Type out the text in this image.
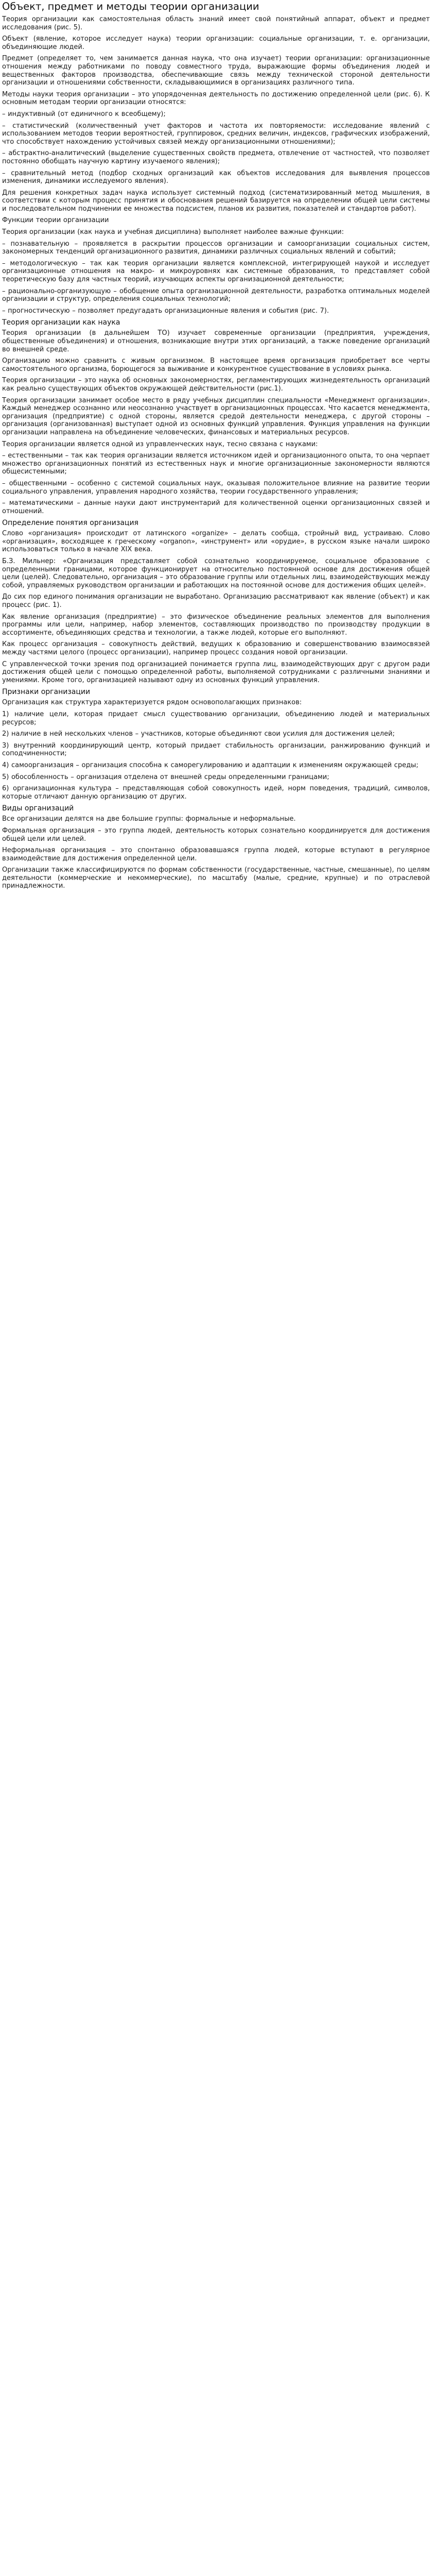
Объект, предмет и методы теории организации

Теория организации как самостоятельная область знаний имеет свой понятийный аппарат, объект и предмет исследования (рис. 5).

Объект (явление, которое исследует наука) теории организации: социальные организации, т. е. организации, объединяющие людей.

Предмет (определяет то, чем занимается данная наука, что она изучает) теории организации: организационные отношения между работниками по поводу совместного труда, выражающие формы объединения людей и вещественных факторов производства, обеспечивающие связь между технической стороной деятельности организации и отношениями собственности, складывающимися в организациях различного типа.

Методы науки теория организации – это упорядоченная деятельность по достижению определенной цели (рис. 6). К основным методам теории организации относятся:

– индуктивный (от единичного к всеобщему);

– статистический (количественный учет факторов и частота их повторяемости: исследование явлений с использованием методов теории вероятностей, группировок, средних величин, индексов, графических изображений, что способствует нахождению устойчивых связей между организационными отношениями);

– абстрактно-аналитический (выделение существенных свойств предмета, отвлечение от частностей, что позволяет постоянно обобщать научную картину изучаемого явления);

– сравнительный метод (подбор сходных организаций как объектов исследования для выявления процессов изменения, динамики исследуемого явления).

Для решения конкретных задач наука использует системный подход (систематизированный метод мышления, в соответствии с которым процесс принятия и обоснования решений базируется на определении общей цели системы и последовательном подчинении ее множества подсистем, планов их развития, показателей и стандартов работ).

Функции теории организации

Теория организации (как наука и учебная дисциплина) выполняет наиболее важные функции:

– познавательную – проявляется в раскрытии процессов организации и самоорганизации социальных систем, закономерных тенденций организационного развития, динамики различных социальных явлений и событий;

– методологическую – так как теория организации является комплексной, интегрирующей наукой и исследует организационные отношения на макро- и микроуровнях как системные образования, то представляет собой теоретическую базу для частных теорий, изучающих аспекты организационной деятельности;

– рационально-организующую – обобщение опыта организационной деятельности, разработка оптимальных моделей организации и структур, определения социальных технологий;

– прогностическую – позволяет предугадать организационные явления и события (рис. 7).

Теория организации как наука

Теория организации (в дальнейшем ТО) изучает современные организации (предприятия, учреждения, общественные объединения) и отношения, возникающие внутри этих организаций, а также поведение организаций во внешней среде.

Организацию можно сравнить с живым организмом. В настоящее время организация приобретает все черты самостоятельного организма, борющегося за выживание и конкурентное существование в условиях рынка.

Теория организации – это наука об основных закономерностях, регламентирующих жизнедеятельность организаций как реально существующих объектов окружающей действительности (рис.1).

Теория организации занимает особое место в ряду учебных дисциплин специальности «Менеджмент организации». Каждый менеджер осознанно или неосознанно участвует в организационных процессах. Что касается менеджмента, организация (предприятие) с одной стороны, является средой деятельности менеджера, с другой стороны – организация (организованная) выступает одной из основных функций управления. Функция управления на функции организации направлена на объединение человеческих, финансовых и материальных ресурсов.

Теория организации является одной из управленческих наук, тесно связана с науками:

– естественными – так как теория организации является источником идей и организационного опыта, то она черпает множество организационных понятий из естественных наук и многие организационные закономерности являются общесистемными;

– общественными – особенно с системой социальных наук, оказывая положительное влияние на развитие теории социального управления, управления народного хозяйства, теории государственного управления;

– математическими – данные науки дают инструментарий для количественной оценки организационных связей и отношений.

Определение понятия организация

Слово «организация» происходит от латинского «organize» – делать сообща, стройный вид, устраиваю. Слово «организация», восходящее к греческому «organon», «инструмент» или «орудие», в русском языке начали широко использоваться только в начале XIX века.

Б.З. Мильнер: «Организация представляет собой сознательно координируемое, социальное образование с определенными границами, которое функционирует на относительно постоянной основе для достижения общей цели (целей). Следовательно, организация – это образование группы или отдельных лиц, взаимодействующих между собой, управляемых руководством организации и работающих на постоянной основе для достижения общих целей».

До сих пор единого понимания организации не выработано. Организацию рассматривают как явление (объект) и как процесс (рис. 1).

Как явление организация (предприятие) – это физическое объединение реальных элементов для выполнения программы или цели, например, набор элементов, составляющих производство по производству продукции в ассортименте, объединяющих средства и технологии, а также людей, которые его выполняют.

Как процесс организация – совокупность действий, ведущих к образованию и совершенствованию взаимосвязей между частями целого (процесс организации), например процесс создания новой организации.

С управленческой точки зрения под организацией понимается группа лиц, взаимодействующих друг с другом ради достижения общей цели с помощью определенной работы, выполняемой сотрудниками с различными знаниями и умениями. Кроме того, организацией называют одну из основных функций управления.

Признаки организации

Организация как структура характеризуется рядом основополагающих признаков:

1) наличие цели, которая придает смысл существованию организации, объединению людей и материальных ресурсов;

2) наличие в ней нескольких членов – участников, которые объединяют свои усилия для достижения целей;

3) внутренний координирующий центр, который придает стабильность организации, ранжированию функций и соподчиненности;

4) самоорганизация – организация способна к саморегулированию и адаптации к изменениям окружающей среды;

5) обособленность – организация отделена от внешней среды определенными границами;

6) организационная культура – представляющая собой совокупность идей, норм поведения, традиций, символов, которые отличают данную организацию от других.

Виды организаций

Все организации делятся на две большие группы: формальные и неформальные.

Формальная организация – это группа людей, деятельность которых сознательно координируется для достижения общей цели или целей.

Неформальная организация – это спонтанно образовавшаяся группа людей, которые вступают в регулярное взаимодействие для достижения определенной цели.

Организации также классифицируются по формам собственности (государственные, частные, смешанные), по целям деятельности (коммерческие и некоммерческие), по масштабу (малые, средние, крупные) и по отраслевой принадлежности.
